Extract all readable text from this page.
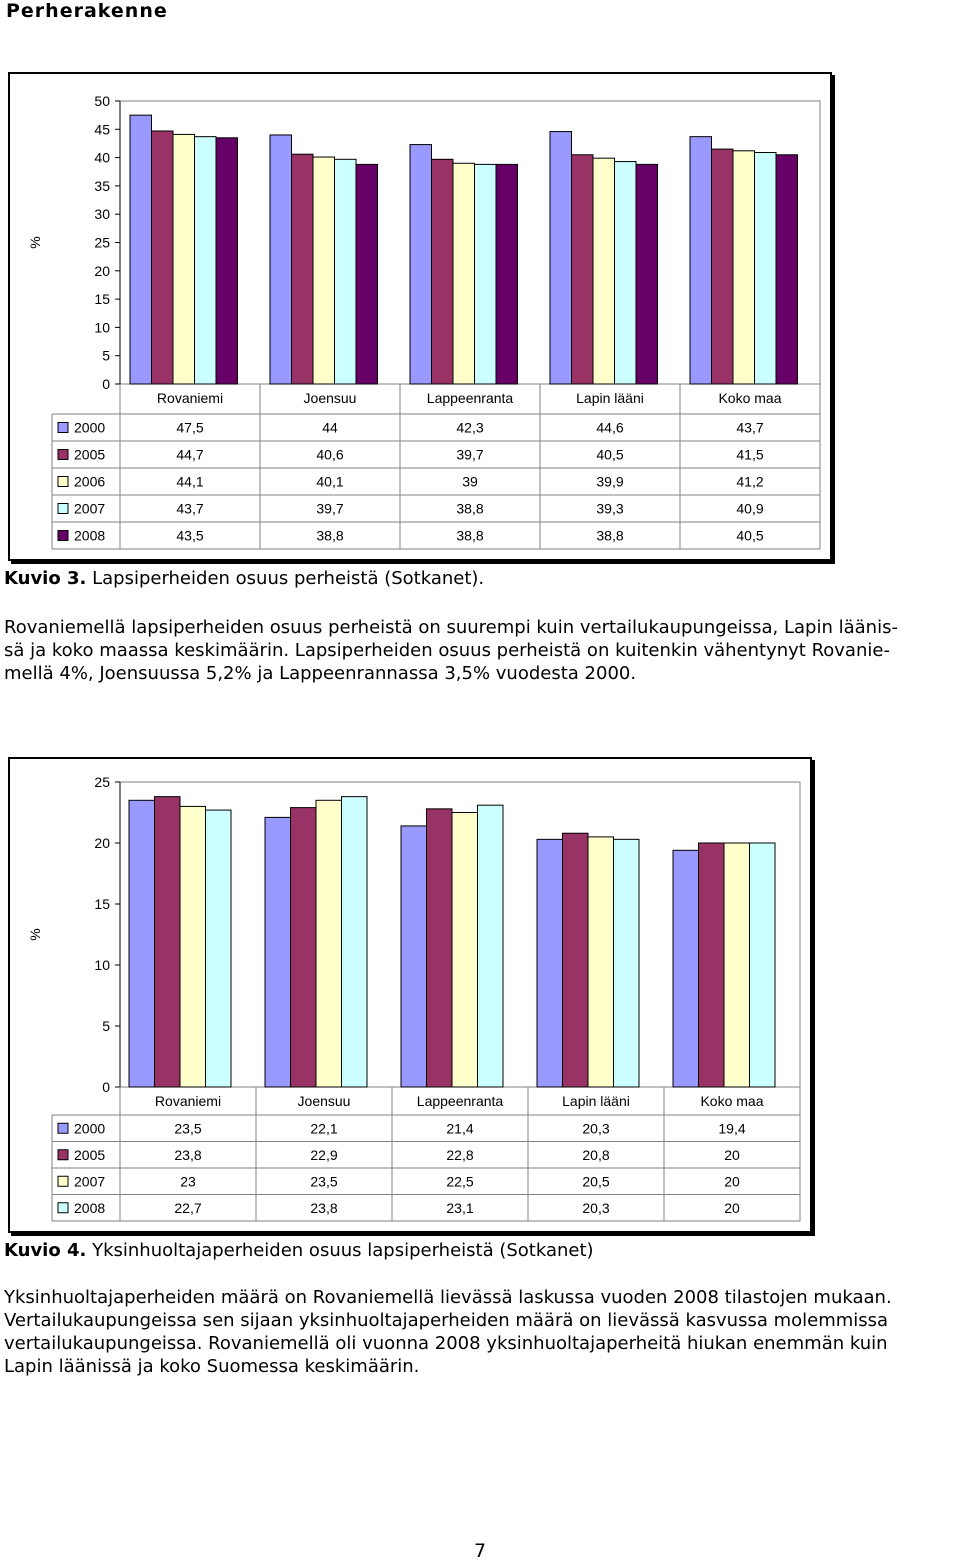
Perherakenne
0
5
10
15
20
25
30
35
40
45
50
%
Rovaniemi	Joensuu	Lappeenranta	Lapin lääni	Koko maa
2000	47,5	44	42,3	44,6	43,7
2005	44,7	40,6	39,7	40,5	41,5
2006	44,1	40,1	39	39,9	41,2
2007	43,7	39,7	38,8	39,3	40,9
2008	43,5	38,8	38,8	38,8	40,5
Kuvio 3. Lapsiperheiden osuus perheistä (Sotkanet).
Rovaniemellä lapsiperheiden osuus perheistä on suurempi kuin vertailukaupungeissa, Lapin läänis-
sä ja koko maassa keskimäärin. Lapsiperheiden osuus perheistä on kuitenkin vähentynyt Rovanie-
mellä 4%, Joensuussa 5,2% ja Lappeenrannassa 3,5% vuodesta 2000.
0
5
10
15
20
25
%
Rovaniemi	Joensuu	Lappeenranta	Lapin lääni	Koko maa
2000	23,5	22,1	21,4	20,3	19,4
2005	23,8	22,9	22,8	20,8	20
2007	23	23,5	22,5	20,5	20
2008	22,7	23,8	23,1	20,3	20
Kuvio 4. Yksinhuoltajaperheiden osuus lapsiperheistä (Sotkanet)
Yksinhuoltajaperheiden määrä on Rovaniemellä lievässä laskussa vuoden 2008 tilastojen mukaan.
Vertailukaupungeissa sen sijaan yksinhuoltajaperheiden määrä on lievässä kasvussa molemmissa
vertailukaupungeissa. Rovaniemellä oli vuonna 2008 yksinhuoltajaperheitä hiukan enemmän kuin
Lapin läänissä ja koko Suomessa keskimäärin.
7
